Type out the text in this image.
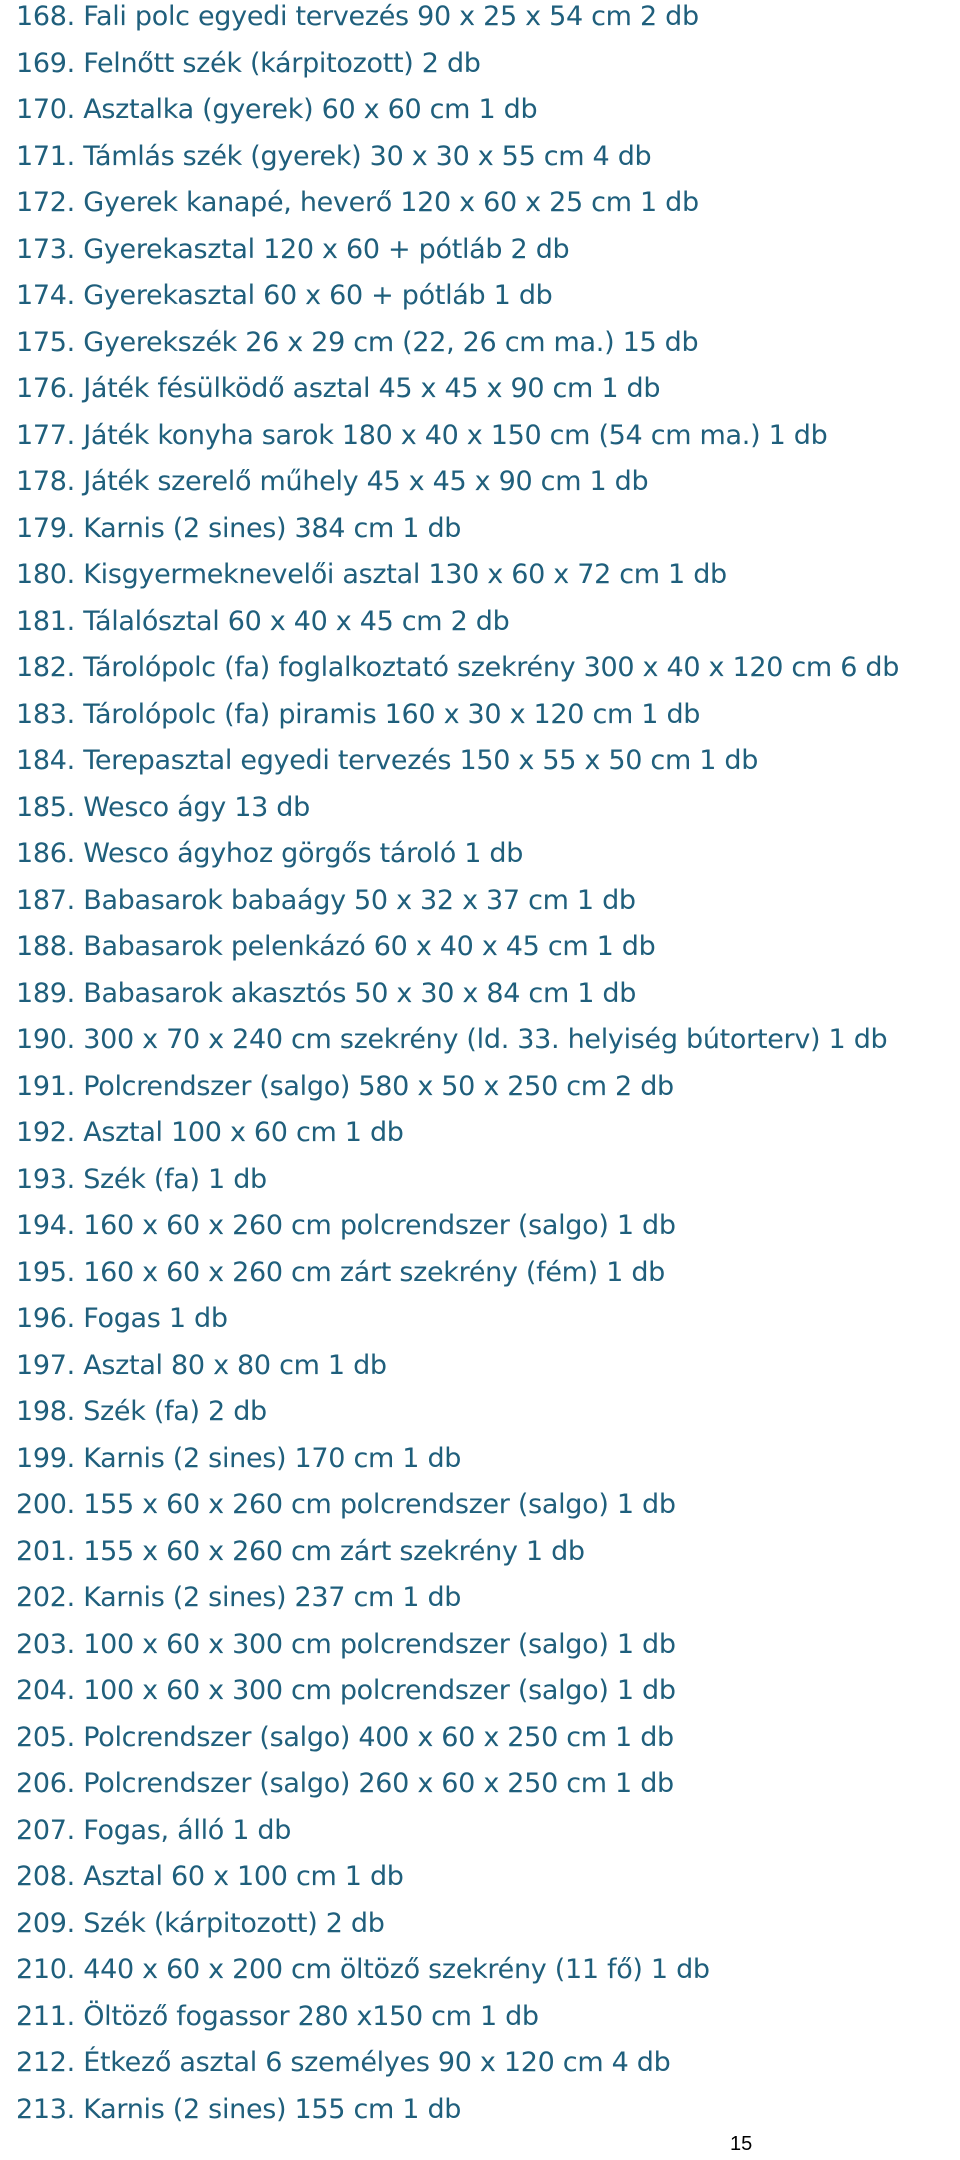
168. Fali polc egyedi tervezés 90 x 25 x 54 cm 2 db
169. Felnőtt szék (kárpitozott) 2 db
170. Asztalka (gyerek) 60 x 60 cm 1 db
171. Támlás szék (gyerek) 30 x 30 x 55 cm 4 db
172. Gyerek kanapé, heverő 120 x 60 x 25 cm 1 db
173. Gyerekasztal 120 x 60 + pótláb 2 db
174. Gyerekasztal 60 x 60 + pótláb 1 db
175. Gyerekszék 26 x 29 cm (22, 26 cm ma.) 15 db
176. Játék fésülködő asztal 45 x 45 x 90 cm 1 db
177. Játék konyha sarok 180 x 40 x 150 cm (54 cm ma.) 1 db
178. Játék szerelő műhely 45 x 45 x 90 cm 1 db
179. Karnis (2 sines) 384 cm 1 db
180. Kisgyermeknevelői asztal 130 x 60 x 72 cm 1 db
181. Tálalósztal 60 x 40 x 45 cm 2 db
182. Tárolópolc (fa) foglalkoztató szekrény 300 x 40 x 120 cm 6 db
183. Tárolópolc (fa) piramis 160 x 30 x 120 cm 1 db
184. Terepasztal egyedi tervezés 150 x 55 x 50 cm 1 db
185. Wesco ágy 13 db
186. Wesco ágyhoz görgős tároló 1 db
187. Babasarok babaágy 50 x 32 x 37 cm 1 db
188. Babasarok pelenkázó 60 x 40 x 45 cm 1 db
189. Babasarok akasztós 50 x 30 x 84 cm 1 db
190. 300 x 70 x 240 cm szekrény (ld. 33. helyiség bútorterv) 1 db
191. Polcrendszer (salgo) 580 x 50 x 250 cm 2 db
192. Asztal 100 x 60 cm 1 db
193. Szék (fa) 1 db
194. 160 x 60 x 260 cm polcrendszer (salgo) 1 db
195. 160 x 60 x 260 cm zárt szekrény (fém) 1 db
196. Fogas 1 db
197. Asztal 80 x 80 cm 1 db
198. Szék (fa) 2 db
199. Karnis (2 sines) 170 cm 1 db
200. 155 x 60 x 260 cm polcrendszer (salgo) 1 db
201. 155 x 60 x 260 cm zárt szekrény 1 db
202. Karnis (2 sines) 237 cm 1 db
203. 100 x 60 x 300 cm polcrendszer (salgo) 1 db
204. 100 x 60 x 300 cm polcrendszer (salgo) 1 db
205. Polcrendszer (salgo) 400 x 60 x 250 cm 1 db
206. Polcrendszer (salgo) 260 x 60 x 250 cm 1 db
207. Fogas, álló 1 db
208. Asztal 60 x 100 cm 1 db
209. Szék (kárpitozott) 2 db
210. 440 x 60 x 200 cm öltöző szekrény (11 fő) 1 db
211. Öltöző fogassor 280 x150 cm 1 db
212. Étkező asztal 6 személyes 90 x 120 cm 4 db
213. Karnis (2 sines) 155 cm 1 db
15
